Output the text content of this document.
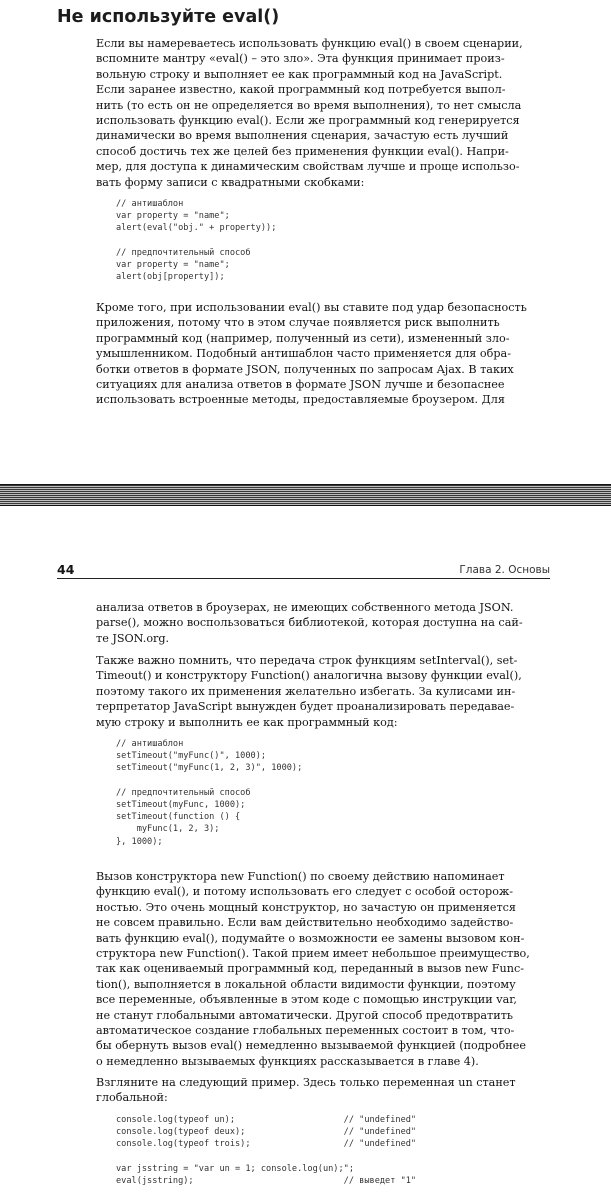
Не используйте eval()

Если вы намереваетесь использовать функцию eval() в своем сценарии,
вспомните мантру «eval() – это зло». Эта функция принимает произ-
вольную строку и выполняет ее как программный код на JavaScript.
Если заранее известно, какой программный код потребуется выпол-
нить (то есть он не определяется во время выполнения), то нет смысла
использовать функцию eval(). Если же программный код генерируется
динамически во время выполнения сценария, зачастую есть лучший
способ достичь тех же целей без применения функции eval(). Напри-
мер, для доступа к динамическим свойствам лучше и проще использо-
вать форму записи с квадратными скобками:

// антишаблон
var property = "name";
alert(eval("obj." + property));

// предпочтительный способ
var property = "name";
alert(obj[property]);

Кроме того, при использовании eval() вы ставите под удар безопасность
приложения, потому что в этом случае появляется риск выполнить
программный код (например, полученный из сети), измененный зло-
умышленником. Подобный антишаблон часто применяется для обра-
ботки ответов в формате JSON, полученных по запросам Ajax. В таких
ситуациях для анализа ответов в формате JSON лучше и безопаснее
использовать встроенные методы, предоставляемые броузером. Для

44	Глава 2. Основы

анализа ответов в броузерах, не имеющих собственного метода JSON.
parse(), можно воспользоваться библиотекой, которая доступна на сай-
те JSON.org.

Также важно помнить, что передача строк функциям setInterval(), set-
Timeout() и конструктору Function() аналогична вызову функции eval(),
поэтому такого их применения желательно избегать. За кулисами ин-
терпретатор JavaScript вынужден будет проанализировать передавае-
мую строку и выполнить ее как программный код:

// антишаблон
setTimeout("myFunc()", 1000);
setTimeout("myFunc(1, 2, 3)", 1000);

// предпочтительный способ
setTimeout(myFunc, 1000);
setTimeout(function () {
myFunc(1, 2, 3);
}, 1000);

Вызов конструктора new Function() по своему действию напоминает
функцию eval(), и потому использовать его следует с особой осторож-
ностью. Это очень мощный конструктор, но зачастую он применяется
не совсем правильно. Если вам действительно необходимо задейство-
вать функцию eval(), подумайте о возможности ее замены вызовом кон-
структора new Function(). Такой прием имеет небольшое преимущество,
так как оцениваемый программный код, переданный в вызов new Func-
tion(), выполняется в локальной области видимости функции, поэтому
все переменные, объявленные в этом коде с помощью инструкции var,
не станут глобальными автоматически. Другой способ предотвратить
автоматическое создание глобальных переменных состоит в том, что-
бы обернуть вызов eval() немедленно вызываемой функцией (подробнее
о немедленно вызываемых функциях рассказывается в главе 4).

Взгляните на следующий пример. Здесь только переменная un станет
глобальной:

console.log(typeof un);                     // "undefined"
console.log(typeof deux);                   // "undefined"
console.log(typeof trois);                  // "undefined"

var jsstring = "var un = 1; console.log(un);";
eval(jsstring);                             // выведет "1"
